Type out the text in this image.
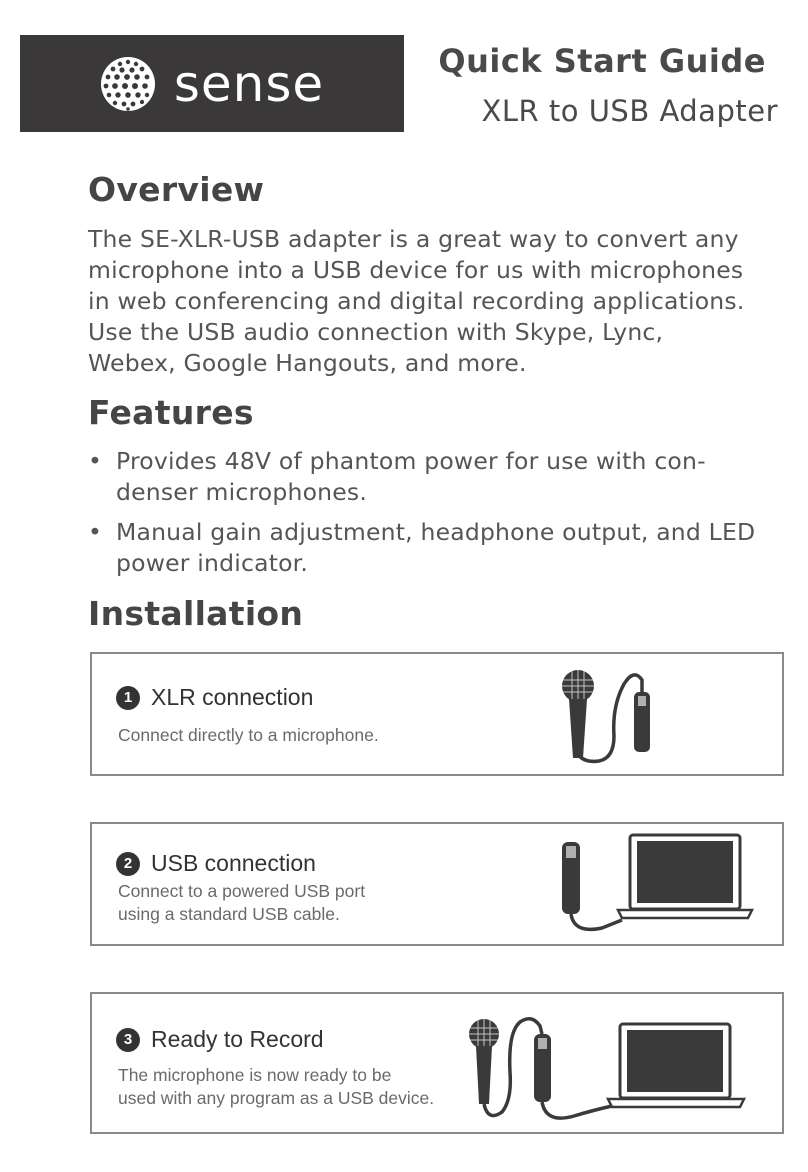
sense	Quick Start Guide
XLR to USB Adapter
Overview
The SE-XLR-USB adapter is a great way to convert any
microphone into a USB device for us with microphones
in web conferencing and digital recording applications.
Use the USB audio connection with Skype, Lync,
Webex, Google Hangouts, and more.
Features
• Provides 48V of phantom power for use with con-
denser microphones.
• Manual gain adjustment, headphone output, and LED
power indicator.
Installation
1 XLR connection
Connect directly to a microphone.
2 USB connection
Connect to a powered USB port
using a standard USB cable.
3 Ready to Record
The microphone is now ready to be
used with any program as a USB device.
